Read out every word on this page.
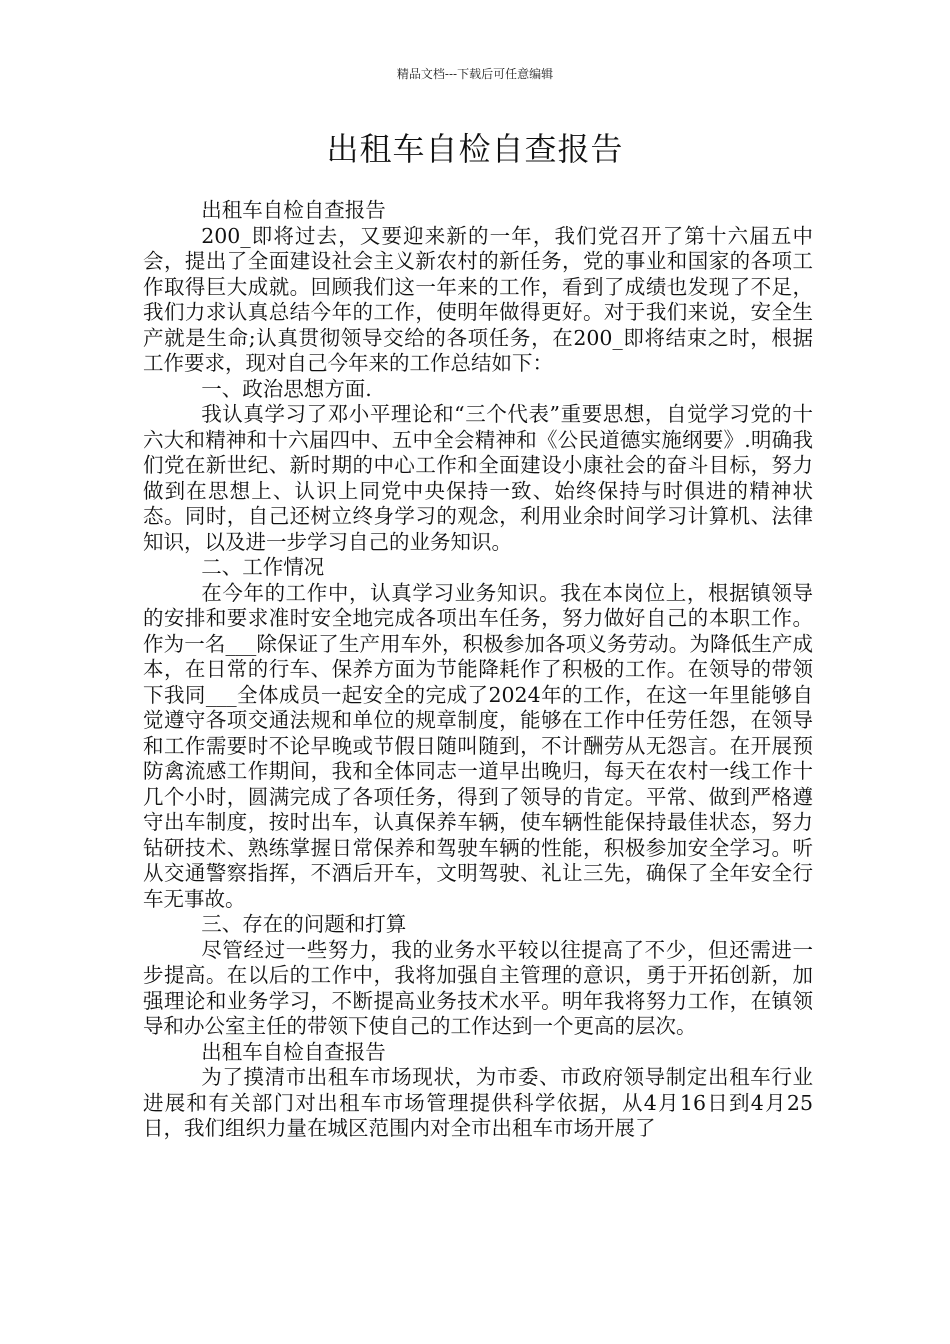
精品文档---下载后可任意编辑
出租车自检自查报告

出租车自检自查报告

200_即将过去，又要迎来新的一年，我们党召开了第十六届五中会，提出了全面建设社会主义新农村的新任务，党的事业和国家的各项工作取得巨大成就。回顾我们这一年来的工作，看到了成绩也发现了不足，我们力求认真总结今年的工作，使明年做得更好。对于我们来说，安全生产就是生命;认真贯彻领导交给的各项任务，在200_即将结束之时，根据工作要求，现对自己今年来的工作总结如下：

一、政治思想方面.

我认真学习了邓小平理论和“三个代表”重要思想，自觉学习党的十六大和精神和十六届四中、五中全会精神和《公民道德实施纲要》.明确我们党在新世纪、新时期的中心工作和全面建设小康社会的奋斗目标，努力做到在思想上、认识上同党中央保持一致、始终保持与时俱进的精神状态。同时，自己还树立终身学习的观念，利用业余时间学习计算机、法律知识，以及进一步学习自己的业务知识。

二、工作情况

在今年的工作中，认真学习业务知识。我在本岗位上，根据镇领导的安排和要求准时安全地完成各项出车任务，努力做好自己的本职工作。作为一名___除保证了生产用车外，积极参加各项义务劳动。为降低生产成本，在日常的行车、保养方面为节能降耗作了积极的工作。在领导的带领下我同___全体成员一起安全的完成了2024年的工作，在这一年里能够自觉遵守各项交通法规和单位的规章制度，能够在工作中任劳任怨，在领导和工作需要时不论早晚或节假日随叫随到，不计酬劳从无怨言。在开展预防禽流感工作期间，我和全体同志一道早出晚归，每天在农村一线工作十几个小时，圆满完成了各项任务，得到了领导的肯定。平常、做到严格遵守出车制度，按时出车，认真保养车辆，使车辆性能保持最佳状态，努力钻研技术、熟练掌握日常保养和驾驶车辆的性能，积极参加安全学习。听从交通警察指挥，不酒后开车，文明驾驶、礼让三先，确保了全年安全行车无事故。

三、存在的问题和打算

尽管经过一些努力，我的业务水平较以往提高了不少，但还需进一步提高。在以后的工作中，我将加强自主管理的意识，勇于开拓创新，加强理论和业务学习，不断提高业务技术水平。明年我将努力工作，在镇领导和办公室主任的带领下使自己的工作达到一个更高的层次。

出租车自检自查报告

为了摸清市出租车市场现状，为市委、市政府领导制定出租车行业进展和有关部门对出租车市场管理提供科学依据，从4月16日到4月25日，我们组织力量在城区范围内对全市出租车市场开展了
